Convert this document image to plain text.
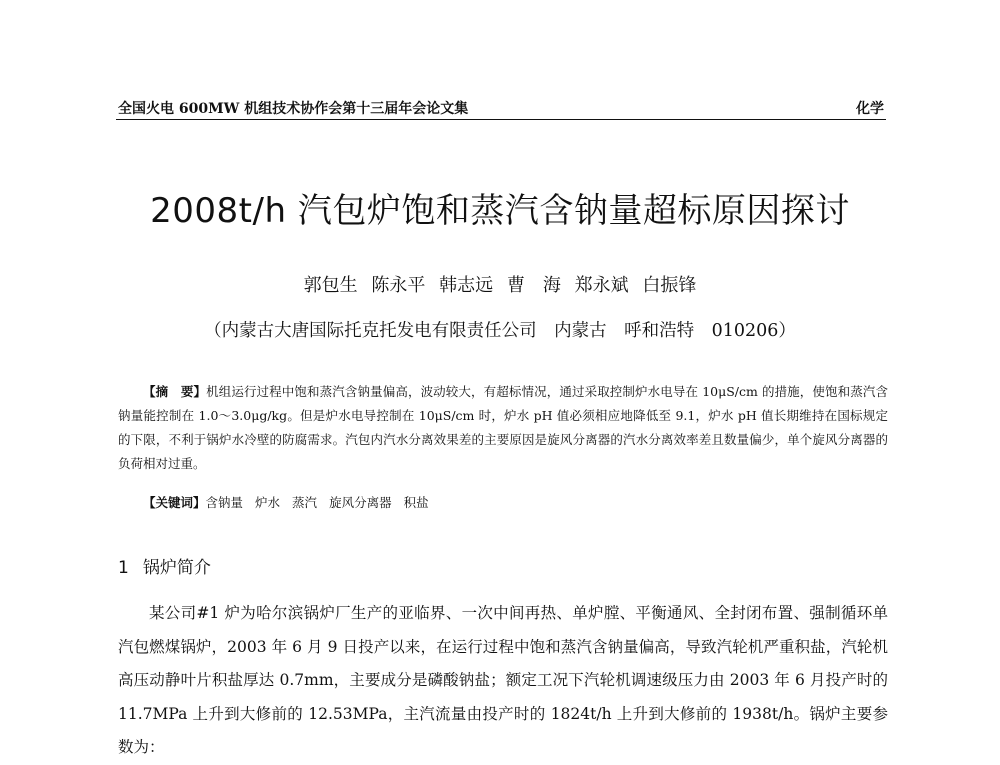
全国火电 600MW 机组技术协作会第十三届年会论文集	化学
2008t/h 汽包炉饱和蒸汽含钠量超标原因探讨
郭包生 陈永平 韩志远 曹　海 郑永斌 白振锋
（内蒙古大唐国际托克托发电有限责任公司　内蒙古　呼和浩特　010206）
【摘　要】机组运行过程中饱和蒸汽含钠量偏高，波动较大，有超标情况，通过采取控制炉水电导在 10μS/cm 的措施，使饱和蒸汽含钠量能控制在 1.0～3.0μg/kg。但是炉水电导控制在 10μS/cm 时，炉水 pH 值必须相应地降低至 9.1，炉水 pH 值长期维持在国标规定的下限，不利于锅炉水冷壁的防腐需求。汽包内汽水分离效果差的主要原因是旋风分离器的汽水分离效率差且数量偏少，单个旋风分离器的负荷相对过重。
【关键词】含钠量 炉水 蒸汽 旋风分离器 积盐
1 锅炉简介
某公司#1 炉为哈尔滨锅炉厂生产的亚临界、一次中间再热、单炉膛、平衡通风、全封闭布置、强制循环单汽包燃煤锅炉，2003 年 6 月 9 日投产以来，在运行过程中饱和蒸汽含钠量偏高，导致汽轮机严重积盐，汽轮机高压动静叶片积盐厚达 0.7mm，主要成分是磷酸钠盐；额定工况下汽轮机调速级压力由 2003 年 6 月投产时的 11.7MPa 上升到大修前的 12.53MPa，主汽流量由投产时的 1824t/h 上升到大修前的 1938t/h。锅炉主要参数为：
